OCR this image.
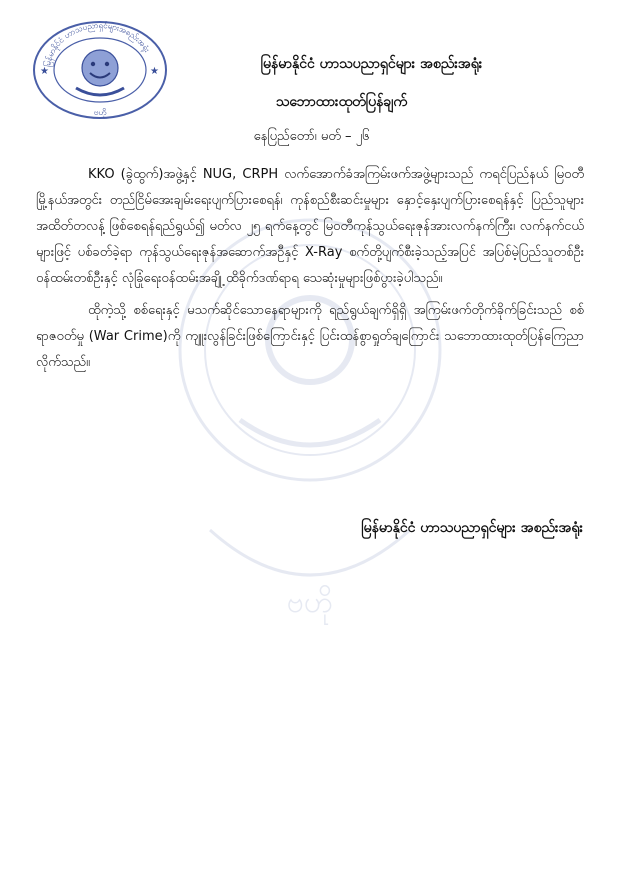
ဗဟို
မြန်မာနိုင်ငံ ဟာသပညာရှင်များအစည်းအရုံး
★	★
ဗဟို
မြန်မာနိုင်ငံ ဟာသပညာရှင်များ အစည်းအရုံး
သဘောထားထုတ်ပြန်ချက်
နေပြည်တော်၊ မတ် – ၂၆

KKO (ခွဲထွက်)အဖွဲ့နှင့် NUG, CRPH လက်အောက်ခံအကြမ်းဖက်အဖွဲ့များသည် ကရင်ပြည်နယ် မြဝတီမြို့နယ်အတွင်း တည်ငြိမ်အေးချမ်းရေးပျက်ပြားစေရန်၊ ကုန်စည်စီးဆင်းမှုများ နှောင့်နှေးပျက်ပြားစေရန်နှင့် ပြည်သူများအထိတ်တလန့် ဖြစ်စေရန်ရည်ရွယ်၍ မတ်လ ၂၅ ရက်နေ့တွင် မြဝတီကုန်သွယ်ရေးဇုန်အားလက်နက်ကြီး၊ လက်နက်ငယ်များဖြင့် ပစ်ခတ်ခဲ့ရာ ကုန်သွယ်ရေးဇုန်အဆောက်အဦနှင့် X-Ray စက်တို့ပျက်စီးခဲ့သည့်အပြင် အပြစ်မဲ့ပြည်သူတစ်ဦး ဝန်ထမ်းတစ်ဦးနှင့် လုံခြုံရေးဝန်ထမ်းအချို့ ထိခိုက်ဒဏ်ရာရ သေဆုံးမှုများဖြစ်ပွားခဲ့ပါသည်။

ထိုကဲ့သို့ စစ်ရေးနှင့် မသက်ဆိုင်သောနေရာများကို ရည်ရွယ်ချက်ရှိရှိ အကြမ်းဖက်တိုက်ခိုက်ခြင်းသည် စစ်ရာဇဝတ်မှု (War Crime)ကို ကျူးလွန်ခြင်းဖြစ်ကြောင်းနှင့် ပြင်းထန်စွာရှုတ်ချကြောင်း သဘောထားထုတ်ပြန်ကြေညာလိုက်သည်။

မြန်မာနိုင်ငံ ဟာသပညာရှင်များ အစည်းအရုံး
